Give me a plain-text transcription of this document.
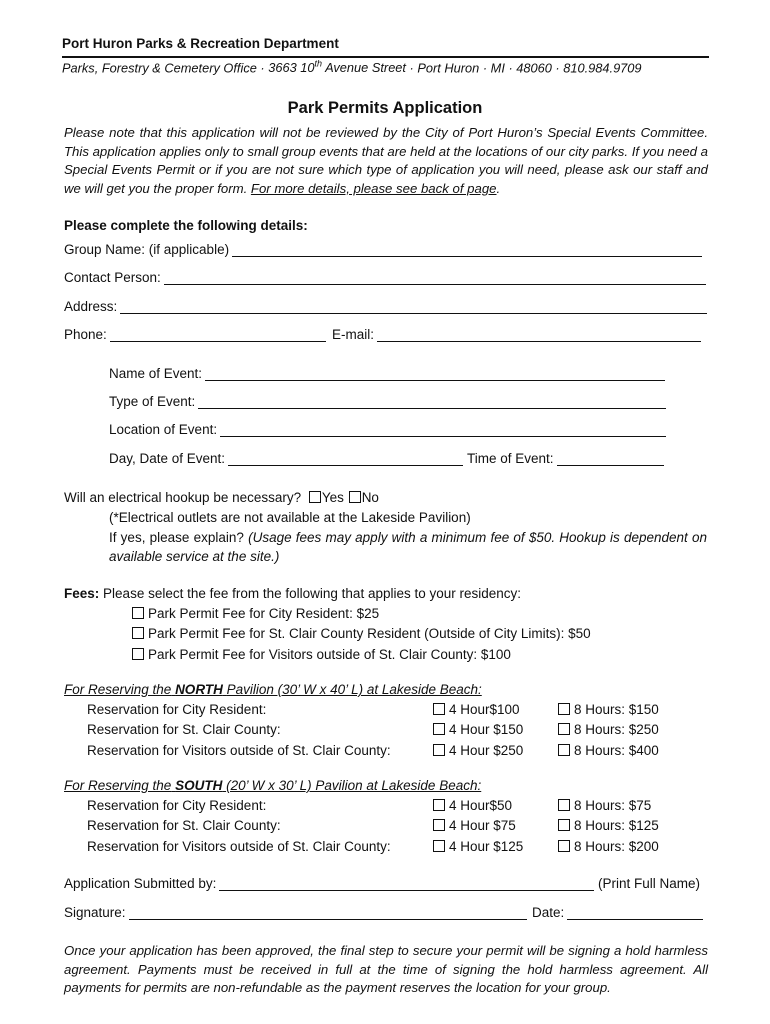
Port Huron Parks & Recreation Department
Parks, Forestry & Cemetery Office · 3663 10th Avenue Street · Port Huron · MI · 48060 · 810.984.9709
Park Permits Application
Please note that this application will not be reviewed by the City of Port Huron’s Special Events Committee. This application applies only to small group events that are held at the locations of our city parks. If you need a Special Events Permit or if you are not sure which type of application you will need, please ask our staff and we will get you the proper form. For more details, please see back of page.
Please complete the following details:
Group Name: (if applicable)
Contact Person:
Address:
Phone:	E-mail:
Name of Event:
Type of Event:
Location of Event:
Day, Date of Event:	Time of Event:
Will an electrical hookup be necessary? Yes No
(*Electrical outlets are not available at the Lakeside Pavilion)
If yes, please explain? (Usage fees may apply with a minimum fee of $50. Hookup is dependent on available service at the site.)
Fees: Please select the fee from the following that applies to your residency:
Park Permit Fee for City Resident: $25
Park Permit Fee for St. Clair County Resident (Outside of City Limits): $50
Park Permit Fee for Visitors outside of St. Clair County: $100
For Reserving the NORTH Pavilion (30’ W x 40’ L) at Lakeside Beach:
Reservation for City Resident:	4 Hour$100	8 Hours: $150
Reservation for St. Clair County:	4 Hour $150	8 Hours: $250
Reservation for Visitors outside of St. Clair County:	4 Hour $250	8 Hours: $400
For Reserving the SOUTH (20’ W x 30’ L) Pavilion at Lakeside Beach:
Reservation for City Resident:	4 Hour$50	8 Hours: $75
Reservation for St. Clair County:	4 Hour $75	8 Hours: $125
Reservation for Visitors outside of St. Clair County:	4 Hour $125	8 Hours: $200
Application Submitted by:	(Print Full Name)
Signature:	Date:
Once your application has been approved, the final step to secure your permit will be signing a hold harmless agreement. Payments must be received in full at the time of signing the hold harmless agreement. All payments for permits are non-refundable as the payment reserves the location for your group.
